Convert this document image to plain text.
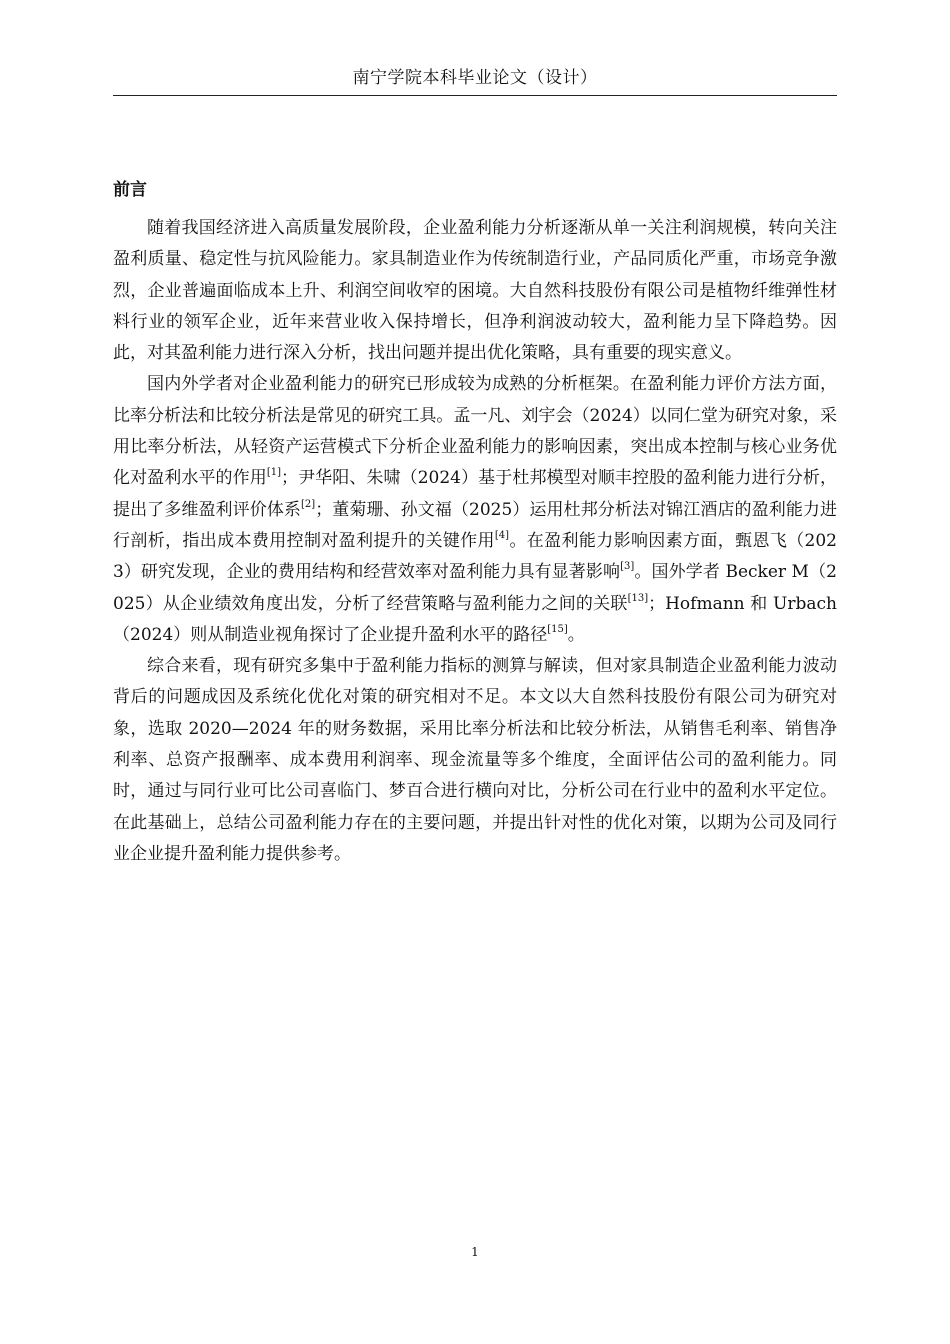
南宁学院本科毕业论文（设计）
前言

随着我国经济进入高质量发展阶段，企业盈利能力分析逐渐从单一关注利润规模，转向关注盈利质量、稳定性与抗风险能力。家具制造业作为传统制造行业，产品同质化严重，市场竞争激烈，企业普遍面临成本上升、利润空间收窄的困境。大自然科技股份有限公司是植物纤维弹性材料行业的领军企业，近年来营业收入保持增长，但净利润波动较大，盈利能力呈下降趋势。因此，对其盈利能力进行深入分析，找出问题并提出优化策略，具有重要的现实意义。

国内外学者对企业盈利能力的研究已形成较为成熟的分析框架。在盈利能力评价方法方面，比率分析法和比较分析法是常见的研究工具。孟一凡、刘宇会（2024）以同仁堂为研究对象，采用比率分析法，从轻资产运营模式下分析企业盈利能力的影响因素，突出成本控制与核心业务优化对盈利水平的作用[1]；尹华阳、朱啸（2024）基于杜邦模型对顺丰控股的盈利能力进行分析，提出了多维盈利评价体系[2]；董菊珊、孙文福（2025）运用杜邦分析法对锦江酒店的盈利能力进行剖析，指出成本费用控制对盈利提升的关键作用[4]。在盈利能力影响因素方面，甄恩飞（2023）研究发现，企业的费用结构和经营效率对盈利能力具有显著影响[3]。国外学者 Becker M（2025）从企业绩效角度出发，分析了经营策略与盈利能力之间的关联[13]；Hofmann 和 Urbach（2024）则从制造业视角探讨了企业提升盈利水平的路径[15]。

综合来看，现有研究多集中于盈利能力指标的测算与解读，但对家具制造企业盈利能力波动背后的问题成因及系统化优化对策的研究相对不足。本文以大自然科技股份有限公司为研究对象，选取 2020—2024 年的财务数据，采用比率分析法和比较分析法，从销售毛利率、销售净利率、总资产报酬率、成本费用利润率、现金流量等多个维度，全面评估公司的盈利能力。同时，通过与同行业可比公司喜临门、梦百合进行横向对比，分析公司在行业中的盈利水平定位。在此基础上，总结公司盈利能力存在的主要问题，并提出针对性的优化对策，以期为公司及同行业企业提升盈利能力提供参考。

1
